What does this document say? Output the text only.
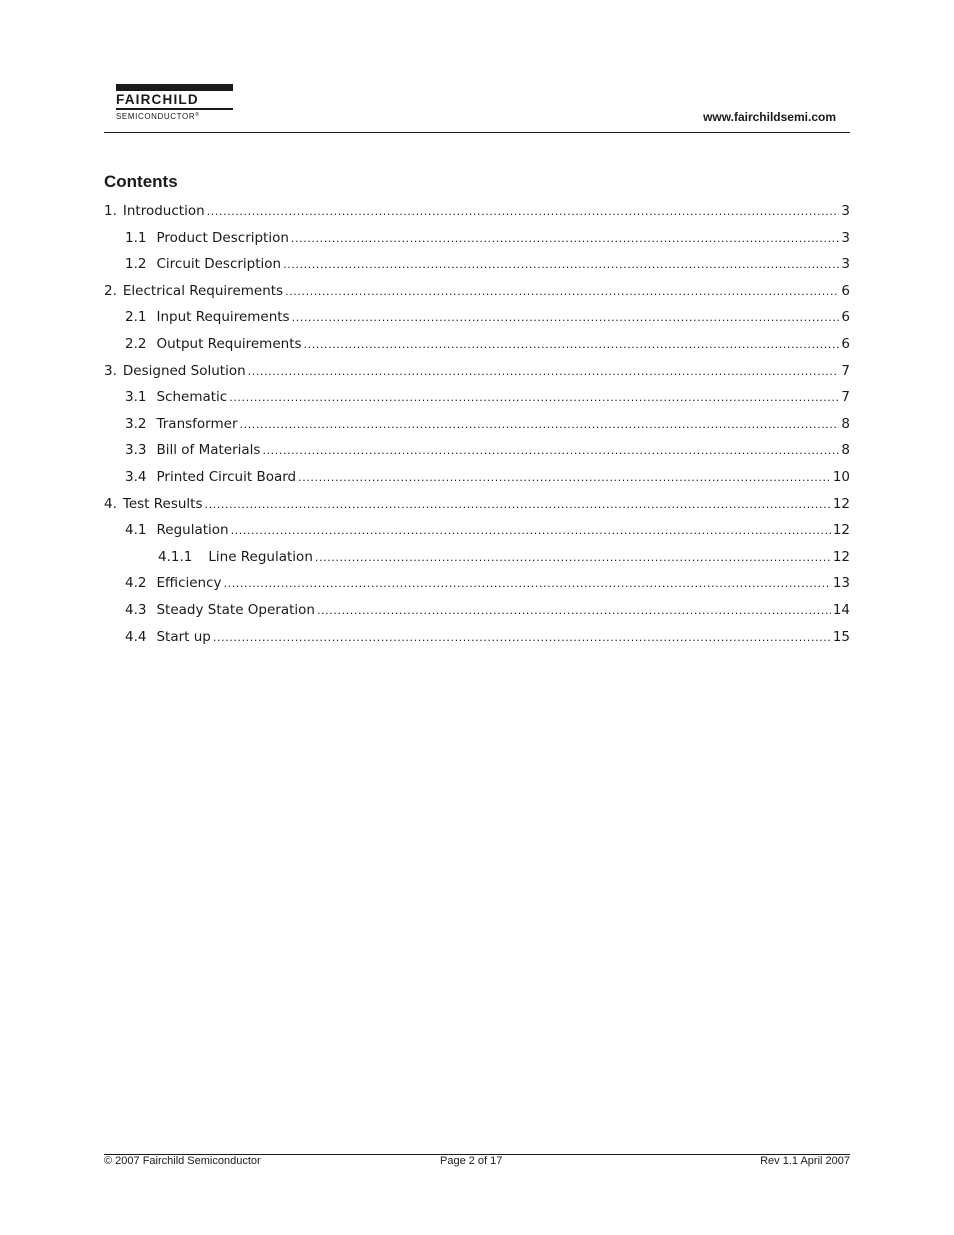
FAIRCHILD
SEMICONDUCTOR®	www.fairchildsemi.com
Contents
1. Introduction .....	3
1.1 Product Description .....	3
1.2 Circuit Description .....	3
2. Electrical Requirements .....	6
2.1 Input Requirements .....	6
2.2 Output Requirements .....	6
3. Designed Solution .....	7
3.1 Schematic .....	7
3.2 Transformer .....	8
3.3 Bill of Materials .....	8
3.4 Printed Circuit Board .....	10
4. Test Results .....	12
4.1 Regulation .....	12
4.1.1 Line Regulation .....	12
4.2 Efficiency .....	13
4.3 Steady State Operation .....	14
4.4 Start up .....	15
© 2007 Fairchild Semiconductor	Page 2 of 17	Rev 1.1 April 2007
